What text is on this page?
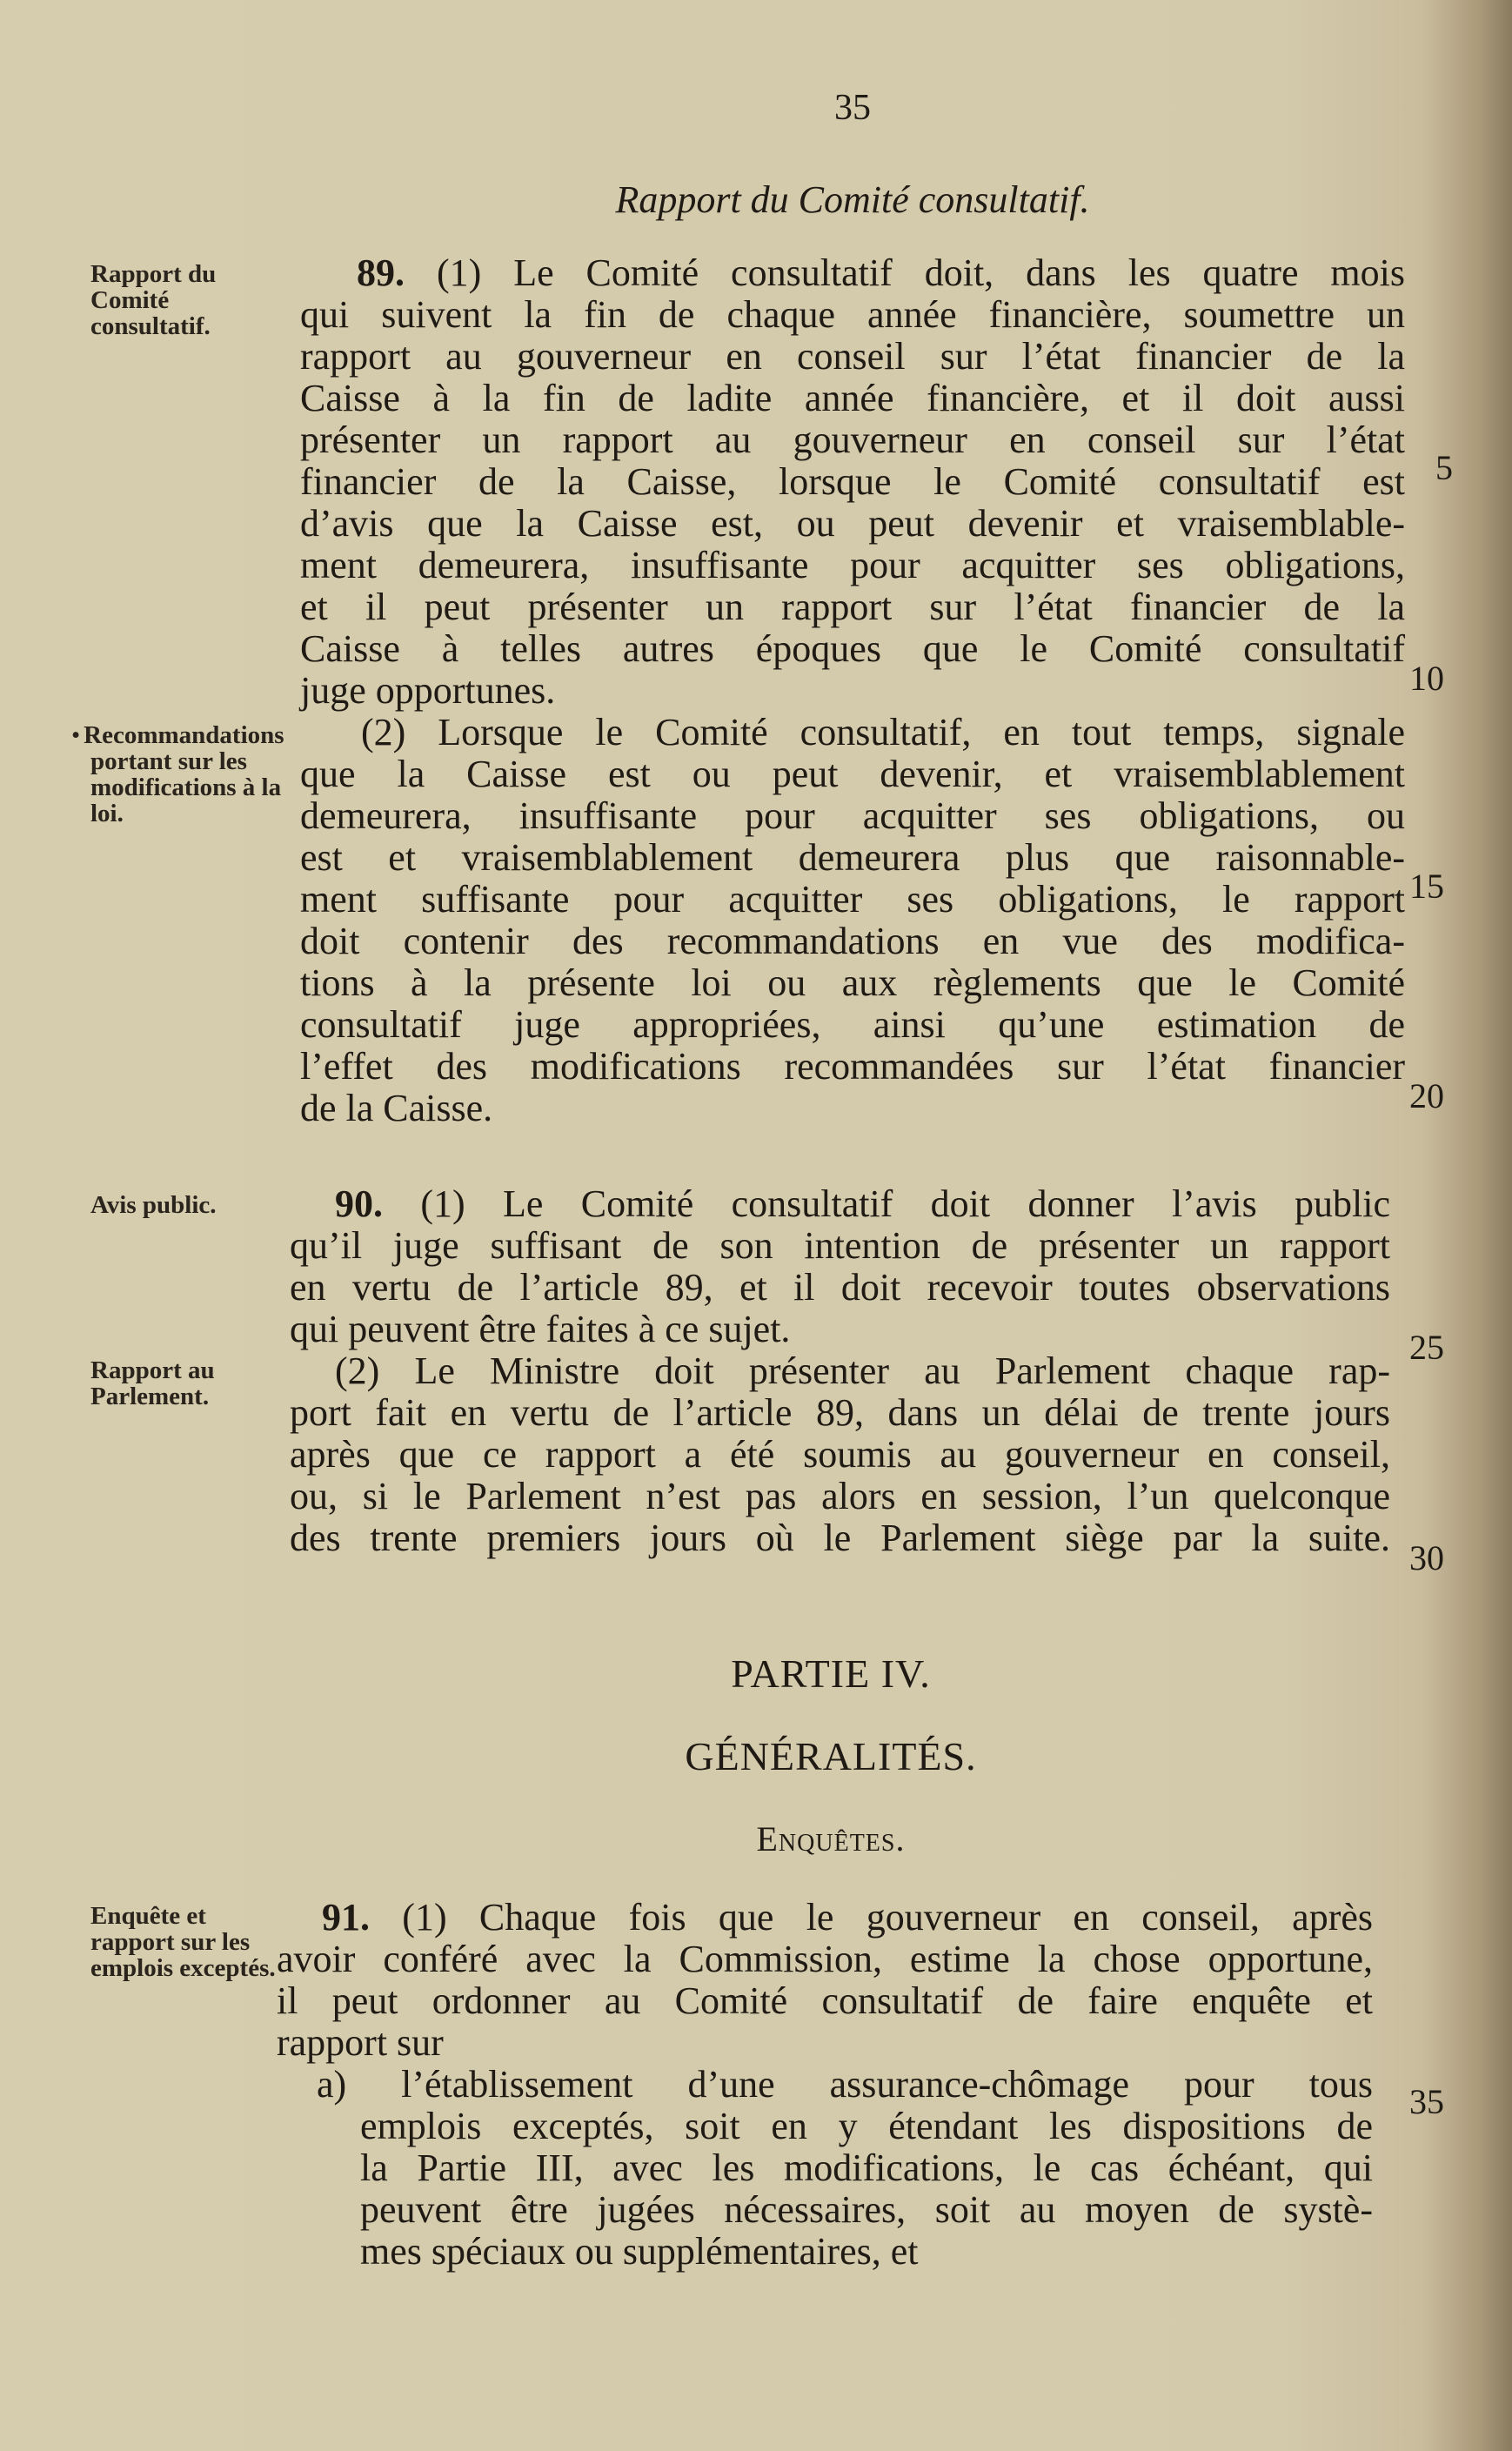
35
Rapport du Comité consultatif.
Rapport du Comité consultatif.
• Recommandations portant sur les modifications à la loi.
Avis public.
Rapport au Parlement.
Enquête et rapport sur les emplois exceptés.
89. (1) Le Comité consultatif doit, dans les quatre mois
qui suivent la fin de chaque année financière, soumettre un
rapport au gouverneur en conseil sur l’état financier de la
Caisse à la fin de ladite année financière, et il doit aussi
présenter un rapport au gouverneur en conseil sur l’état
financier de la Caisse, lorsque le Comité consultatif est
d’avis que la Caisse est, ou peut devenir et vraisemblable-
ment demeurera, insuffisante pour acquitter ses obligations,
et il peut présenter un rapport sur l’état financier de la
Caisse à telles autres époques que le Comité consultatif
juge opportunes.
(2) Lorsque le Comité consultatif, en tout temps, signale
que la Caisse est ou peut devenir, et vraisemblablement
demeurera, insuffisante pour acquitter ses obligations, ou
est et vraisemblablement demeurera plus que raisonnable-
ment suffisante pour acquitter ses obligations, le rapport
doit contenir des recommandations en vue des modifica-
tions à la présente loi ou aux règlements que le Comité
consultatif juge appropriées, ainsi qu’une estimation de
l’effet des modifications recommandées sur l’état financier
de la Caisse.
90. (1) Le Comité consultatif doit donner l’avis public
qu’il juge suffisant de son intention de présenter un rapport
en vertu de l’article 89, et il doit recevoir toutes observations
qui peuvent être faites à ce sujet.
(2) Le Ministre doit présenter au Parlement chaque rap-
port fait en vertu de l’article 89, dans un délai de trente jours
après que ce rapport a été soumis au gouverneur en conseil,
ou, si le Parlement n’est pas alors en session, l’un quelconque
des trente premiers jours où le Parlement siège par la suite.
PARTIE IV.
GÉNÉRALITÉS.
Enquêtes.
91. (1) Chaque fois que le gouverneur en conseil, après
avoir conféré avec la Commission, estime la chose opportune,
il peut ordonner au Comité consultatif de faire enquête et
rapport sur
a) l’établissement d’une assurance-chômage pour tous
emplois exceptés, soit en y étendant les dispositions de
la Partie III, avec les modifications, le cas échéant, qui
peuvent être jugées nécessaires, soit au moyen de systè-
mes spéciaux ou supplémentaires, et
5
10
15
20
25
30
35
